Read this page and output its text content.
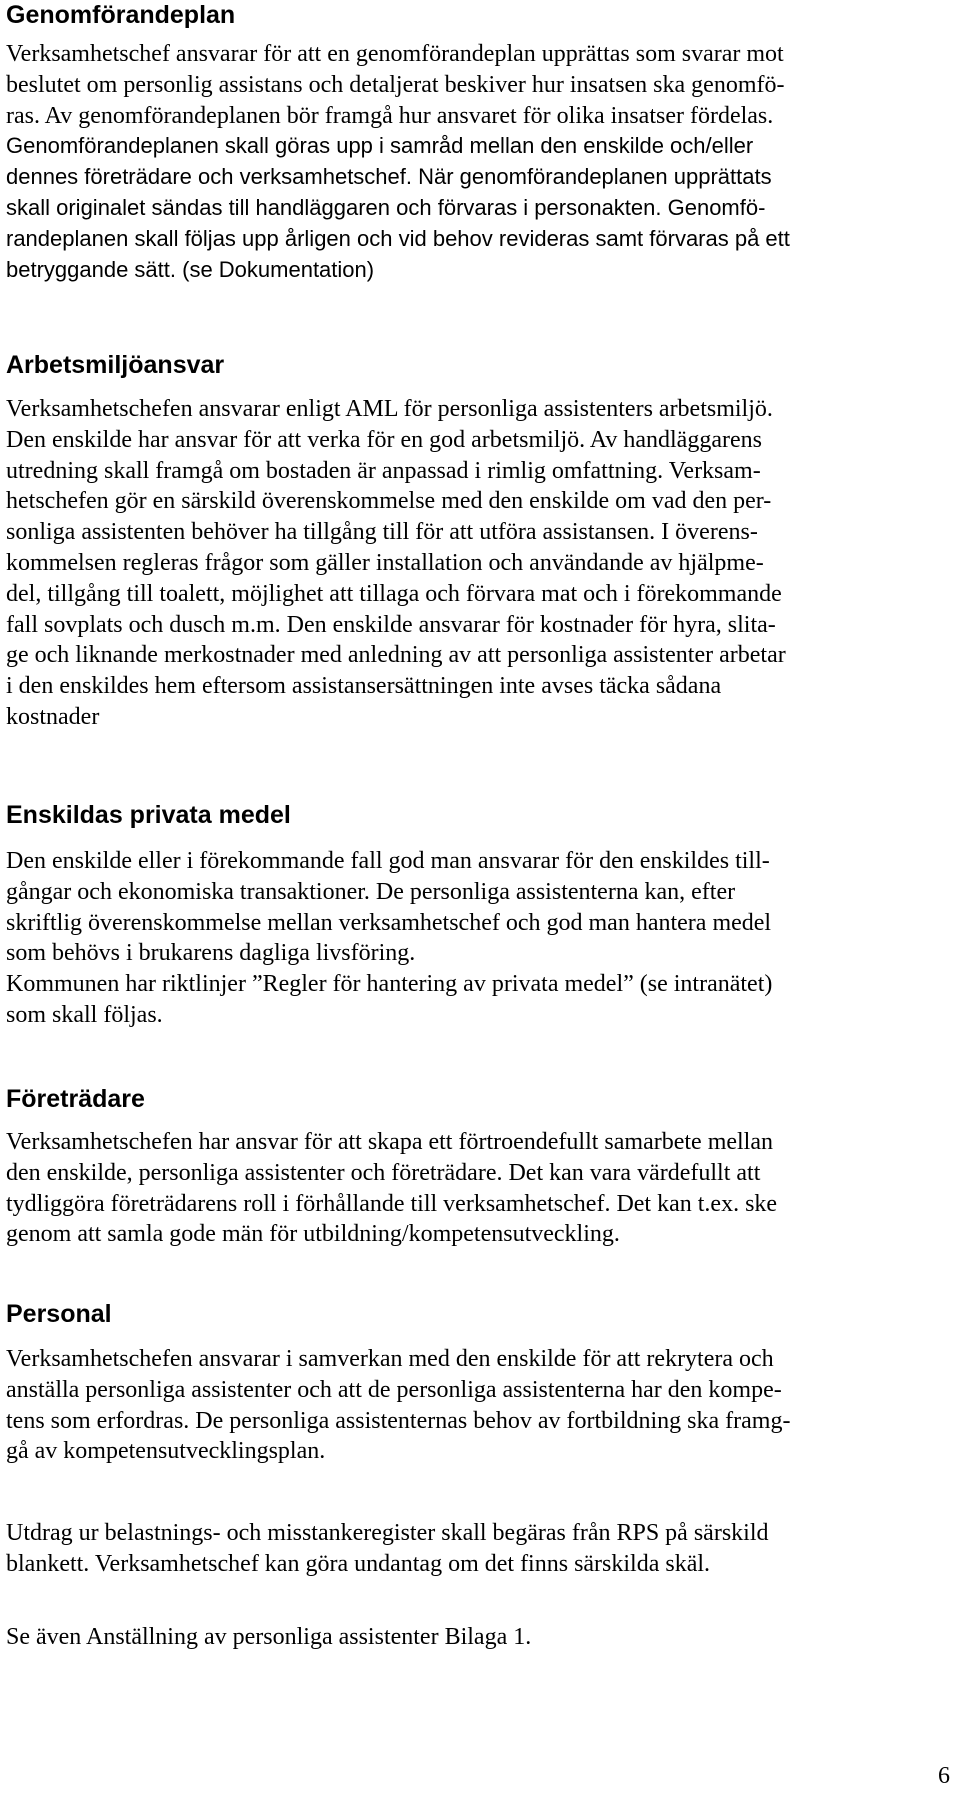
Genomförandeplan
Verksamhetschef ansvarar för att en genomförandeplan upprättas som svarar mot
beslutet om personlig assistans och detaljerat beskiver hur insatsen ska genomfö-
ras. Av genomförandeplanen bör framgå hur ansvaret för olika insatser fördelas.
Genomförandeplanen skall göras upp i samråd mellan den enskilde och/eller
dennes företrädare och verksamhetschef. När genomförandeplanen upprättats
skall originalet sändas till handläggaren och förvaras i personakten. Genomfö-
randeplanen skall följas upp årligen och vid behov revideras samt förvaras på ett
betryggande sätt. (se Dokumentation)
Arbetsmiljöansvar
Verksamhetschefen ansvarar enligt AML för personliga assistenters arbetsmiljö.
Den enskilde har ansvar för att verka för en god arbetsmiljö. Av handläggarens
utredning skall framgå om bostaden är anpassad i rimlig omfattning. Verksam-
hetschefen gör en särskild överenskommelse med den enskilde om vad den per-
sonliga assistenten behöver ha tillgång till för att utföra assistansen. I överens-
kommelsen regleras frågor som gäller installation och användande av hjälpme-
del, tillgång till toalett, möjlighet att tillaga och förvara mat och i förekommande
fall sovplats och dusch m.m. Den enskilde ansvarar för kostnader för hyra, slita-
ge och liknande merkostnader med anledning av att personliga assistenter arbetar
i den enskildes hem eftersom assistansersättningen inte avses täcka sådana
kostnader
Enskildas privata medel
Den enskilde eller i förekommande fall god man ansvarar för den enskildes till-
gångar och ekonomiska transaktioner. De personliga assistenterna kan, efter
skriftlig överenskommelse mellan verksamhetschef och god man hantera medel
som behövs i brukarens dagliga livsföring.
Kommunen har riktlinjer ”Regler för hantering av privata medel” (se intranätet)
som skall följas.
Företrädare
Verksamhetschefen har ansvar för att skapa ett förtroendefullt samarbete mellan
den enskilde, personliga assistenter och företrädare. Det kan vara värdefullt att
tydliggöra företrädarens roll i förhållande till verksamhetschef. Det kan t.ex. ske
genom att samla gode män för utbildning/kompetensutveckling.
Personal
Verksamhetschefen ansvarar i samverkan med den enskilde för att rekrytera och
anställa personliga assistenter och att de personliga assistenterna har den kompe-
tens som erfordras. De personliga assistenternas behov av fortbildning ska framg-
gå av kompetensutvecklingsplan.
Utdrag ur belastnings- och misstankeregister skall begäras från RPS på särskild
blankett. Verksamhetschef kan göra undantag om det finns särskilda skäl.
Se även Anställning av personliga assistenter Bilaga 1.
6
